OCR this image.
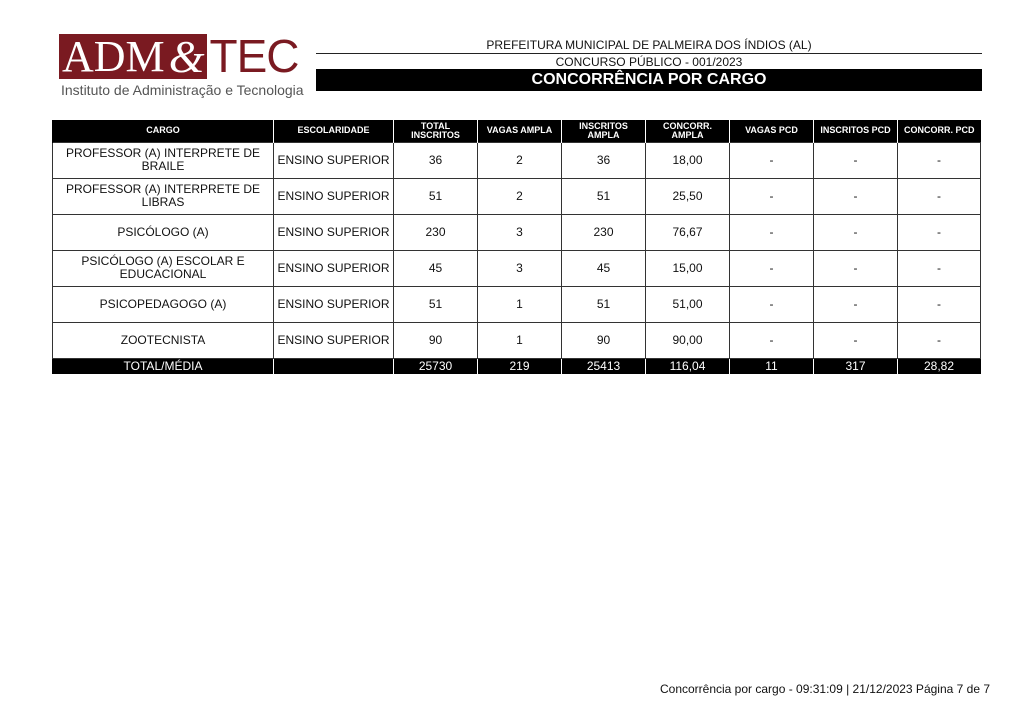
ADM & TEC
Instituto de Administração e Tecnologia
PREFEITURA MUNICIPAL DE PALMEIRA DOS ÍNDIOS (AL)
CONCURSO PÚBLICO - 001/2023
CONCORRÊNCIA POR CARGO
CARGO	ESCOLARIDADE	TOTAL INSCRITOS	VAGAS AMPLA	INSCRITOS AMPLA	CONCORR. AMPLA	VAGAS PCD	INSCRITOS PCD	CONCORR. PCD
PROFESSOR (A) INTERPRETE DE BRAILE	ENSINO SUPERIOR	36	2	36	18,00	-	-	-
PROFESSOR (A) INTERPRETE DE LIBRAS	ENSINO SUPERIOR	51	2	51	25,50	-	-	-
PSICÓLOGO (A)	ENSINO SUPERIOR	230	3	230	76,67	-	-	-
PSICÓLOGO (A) ESCOLAR E EDUCACIONAL	ENSINO SUPERIOR	45	3	45	15,00	-	-	-
PSICOPEDAGOGO (A)	ENSINO SUPERIOR	51	1	51	51,00	-	-	-
ZOOTECNISTA	ENSINO SUPERIOR	90	1	90	90,00	-	-	-
TOTAL/MÉDIA		25730	219	25413	116,04	11	317	28,82
Concorrência por cargo - 09:31:09 | 21/12/2023 Página 7 de 7
